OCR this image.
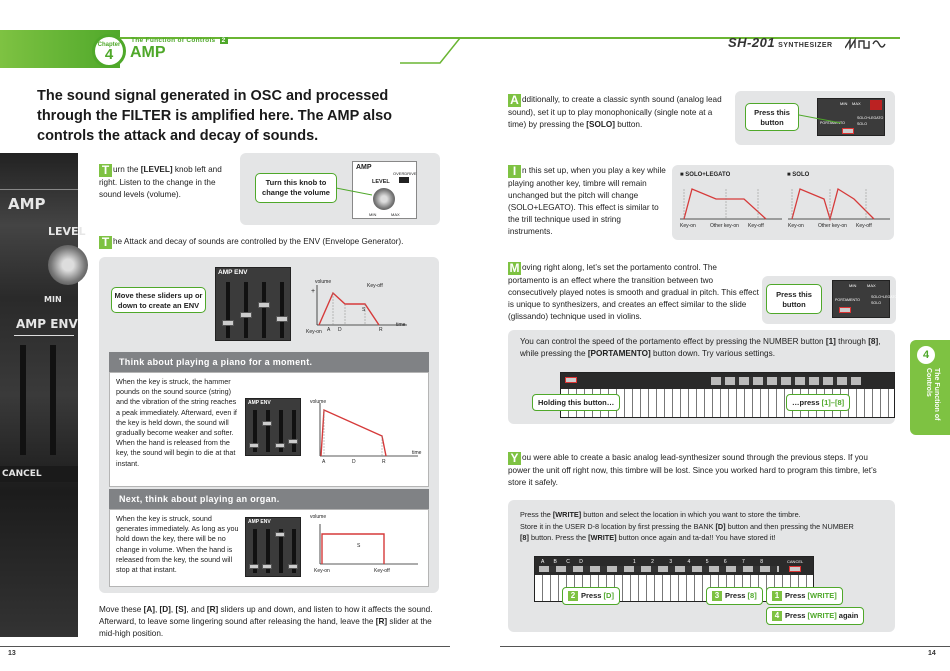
Chapter
4
The Function of Controls 2
AMP
SH-201 SYNTHESIZER
The sound signal generated in OSC and processed through the FILTER is amplified here. The AMP also controls the attack and decay of sounds.
AMP
LEVEL
MIN
AMP ENV
CANCEL
T urn the [LEVEL] knob left and right. Listen to the change in the sound levels (volume).
Turn this knob to change the volume
AMP
OVERDRIVE
LEVEL
MIN	MAX
T he Attack and decay of sounds are controlled by the ENV (Envelope Generator).
Move these sliders up or down to create an ENV
AMP ENV
volume
+
Key-off
Key-on
time
A D
S
R
Think about playing a piano for a moment.
When the key is struck, the hammer pounds on the sound source (string) and the vibration of the string reaches a peak immediately. Afterward, even if the key is held down, the sound will gradually become weaker and softer. When the hand is released from the key, the sound will begin to die at that instant.
AMP ENV	volume
time
A	D	R
Next, think about playing an organ.
When the key is struck, sound generates immediately. As long as you hold down the key, there will be no change in volume. When the hand is released from the key, the sound will stop at that instant.
AMP ENV
volume
S
Key-on	Key-off
Move these [A], [D], [S], and [R] sliders up and down, and listen to how it affects the sound. Afterward, to leave some lingering sound after releasing the hand, leave the [R] slider at the mid-high position.
13
A dditionally, to create a classic synth sound (analog lead sound), set it up to play monophonically (single note at a time) by pressing the [SOLO] button.
Press this button
MIN MAX
PORTAMENTO
SOLO+LEGATO
SOLO
I n this set up, when you play a key while playing another key, timbre will remain unchanged but the pitch will change (SOLO+LEGATO). This effect is similar to the trill technique used in string instruments.
■ SOLO+LEGATO	■ SOLO
Key-on	Other key-on Key-off	Key-on	Other key-on Key-off
M oving right along, let’s set the portamento control. The portamento is an effect where the transition between two consecutively played notes is smooth and gradual in pitch. This effect is unique to synthesizers, and creates an effect similar to the slide (glissando) technique used in violins.
Press this button
MIN	MAX
PORTAMENTO
SOLO+LEGATO
SOLO
You can control the speed of the portamento effect by pressing the NUMBER button [1] through [8], while pressing the [PORTAMENTO] button down. Try various settings.
Holding this button…	…press [1]–[8]
Y ou were able to create a basic analog lead-synthesizer sound through the previous steps. If you power the unit off right now, this timbre will be lost. Since you worked hard to program this timbre, let’s store it safely.
Press the [WRITE] button and select the location in which you want to store the timbre.
Store it in the USER D-8 location by first pressing the BANK [D] button and then pressing the NUMBER
[8] button. Press the [WRITE] button once again and ta-da!! You have stored it!
A B C D	1	2	3	4	5	6	7	8	CANCEL
2 Press [D]	3 Press [8]	1 Press [WRITE]
4 Press [WRITE] again
4
The Function of Controls
14
